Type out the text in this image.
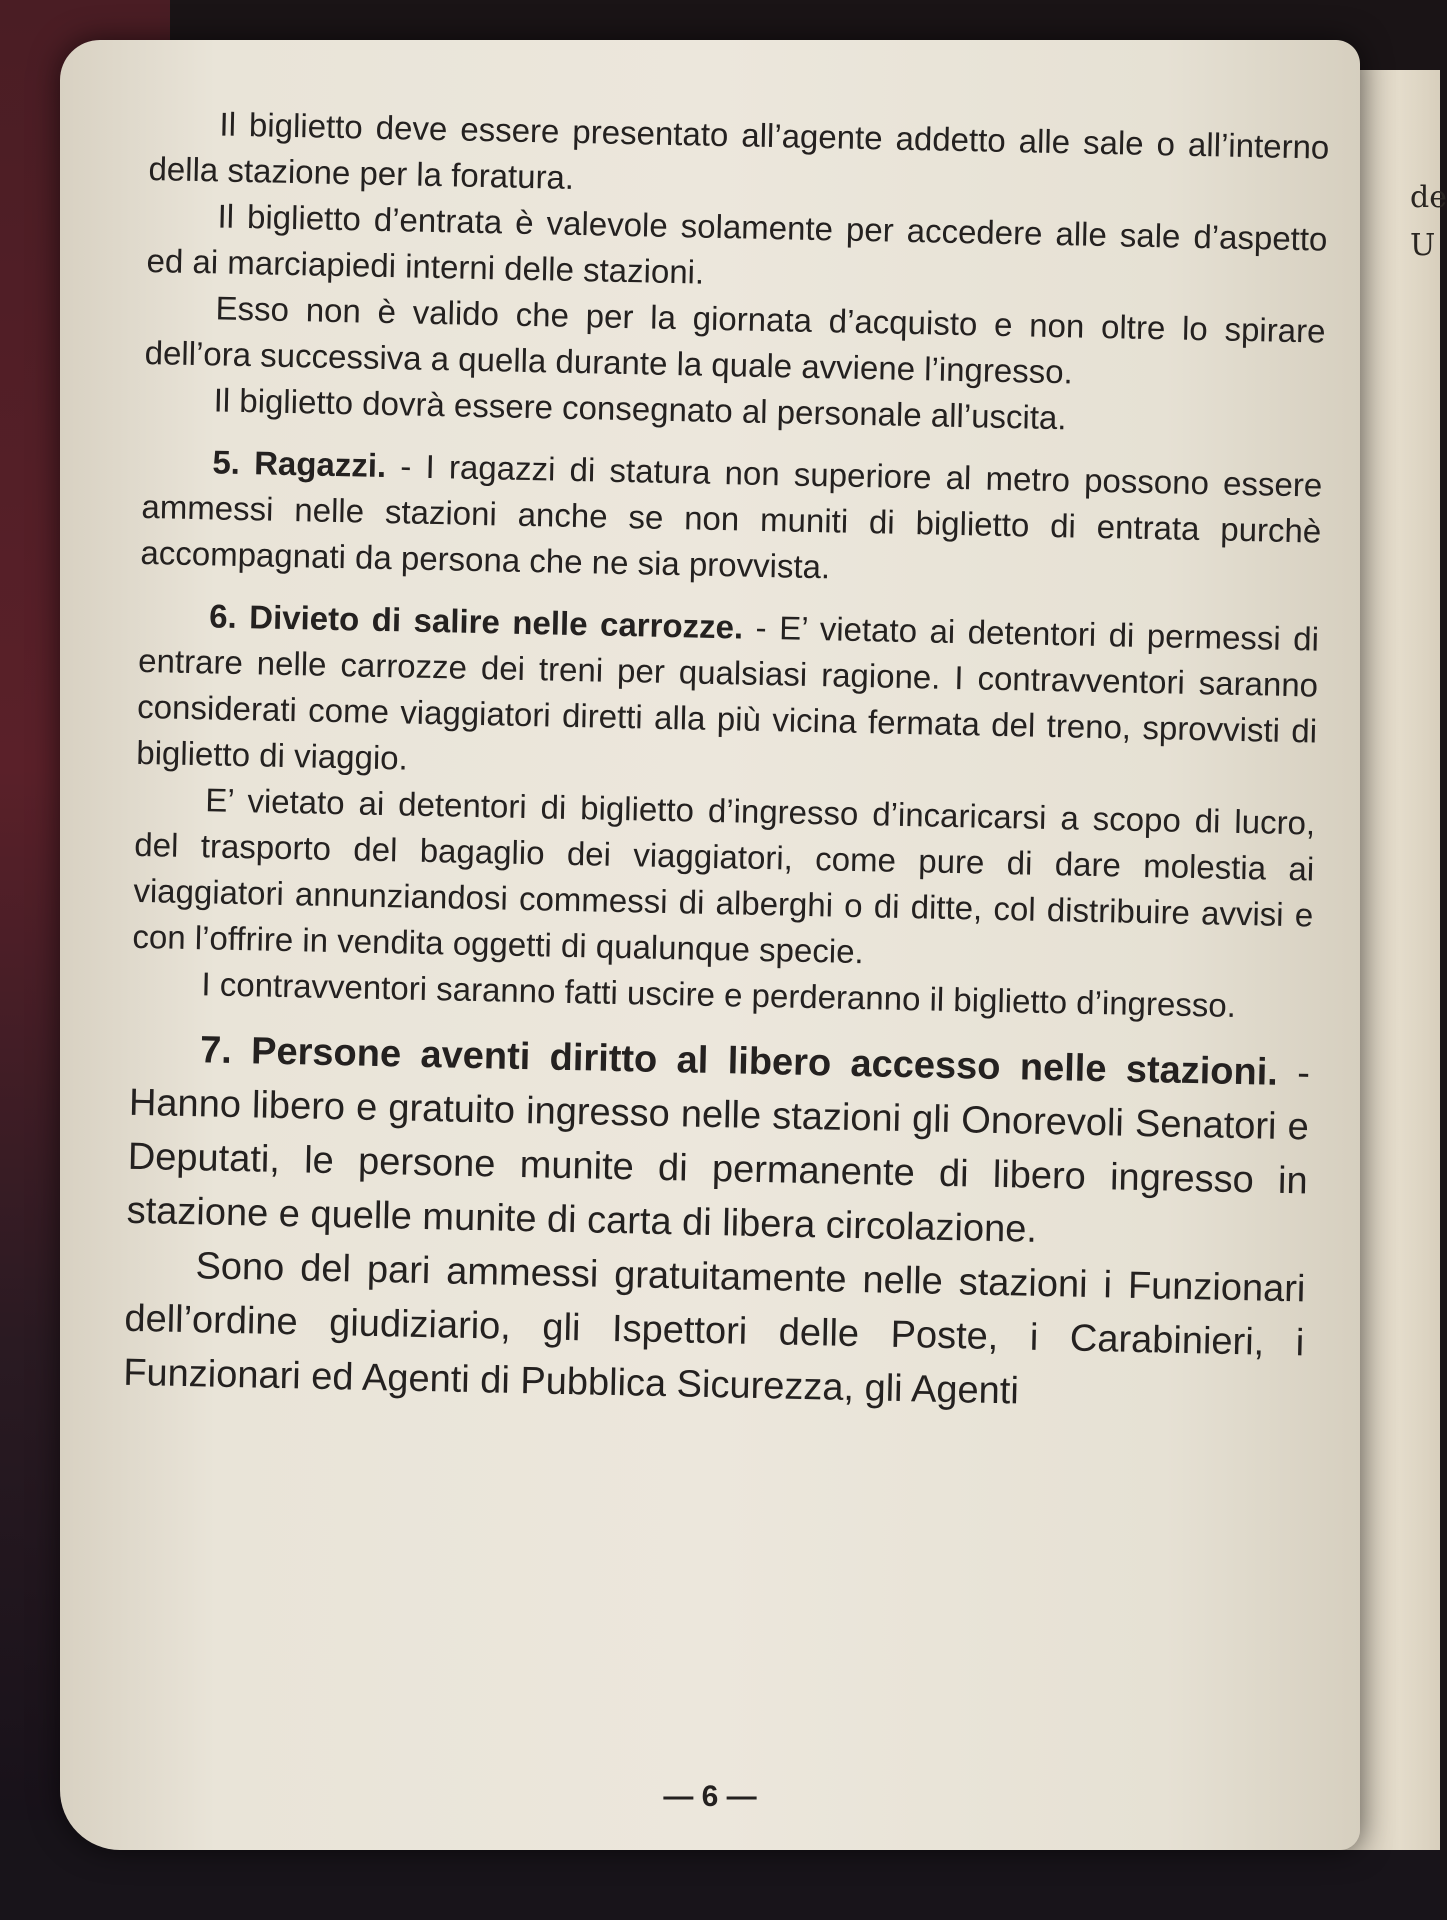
de
U

Il biglietto deve essere presentato all’agente addetto alle sale o all’interno della stazione per la foratura.

Il biglietto d’entrata è valevole solamente per accedere alle sale d’aspetto ed ai marciapiedi interni delle stazioni.

Esso non è valido che per la giornata d’acquisto e non oltre lo spirare dell’ora successiva a quella durante la quale avviene l’ingresso.

Il biglietto dovrà essere consegnato al personale all’uscita.

5. Ragazzi. - I ragazzi di statura non superiore al metro possono essere ammessi nelle stazioni anche se non muniti di biglietto di entrata purchè accompagnati da persona che ne sia provvista.

6. Divieto di salire nelle carrozze. - E’ vietato ai detentori di permessi di entrare nelle carrozze dei treni per qualsiasi ragione. I contravventori saranno considerati come viaggiatori diretti alla più vicina fermata del treno, sprovvisti di biglietto di viaggio.

E’ vietato ai detentori di biglietto d’ingresso d’incaricarsi a scopo di lucro, del trasporto del bagaglio dei viaggiatori, come pure di dare molestia ai viaggiatori annunziandosi commessi di alberghi o di ditte, col distribuire avvisi e con l’offrire in vendita oggetti di qualunque specie.

I contravventori saranno fatti uscire e perderanno il biglietto d’ingresso.

7. Persone aventi diritto al libero accesso nelle stazioni. - Hanno libero e gratuito ingresso nelle stazioni gli Onorevoli Senatori e Deputati, le persone munite di permanente di libero ingresso in stazione e quelle munite di carta di libera circolazione.

Sono del pari ammessi gratuitamente nelle stazioni i Funzionari dell’ordine giudiziario, gli Ispettori delle Poste, i Carabinieri, i Funzionari ed Agenti di Pubblica Sicurezza, gli Agenti

— 6 —
